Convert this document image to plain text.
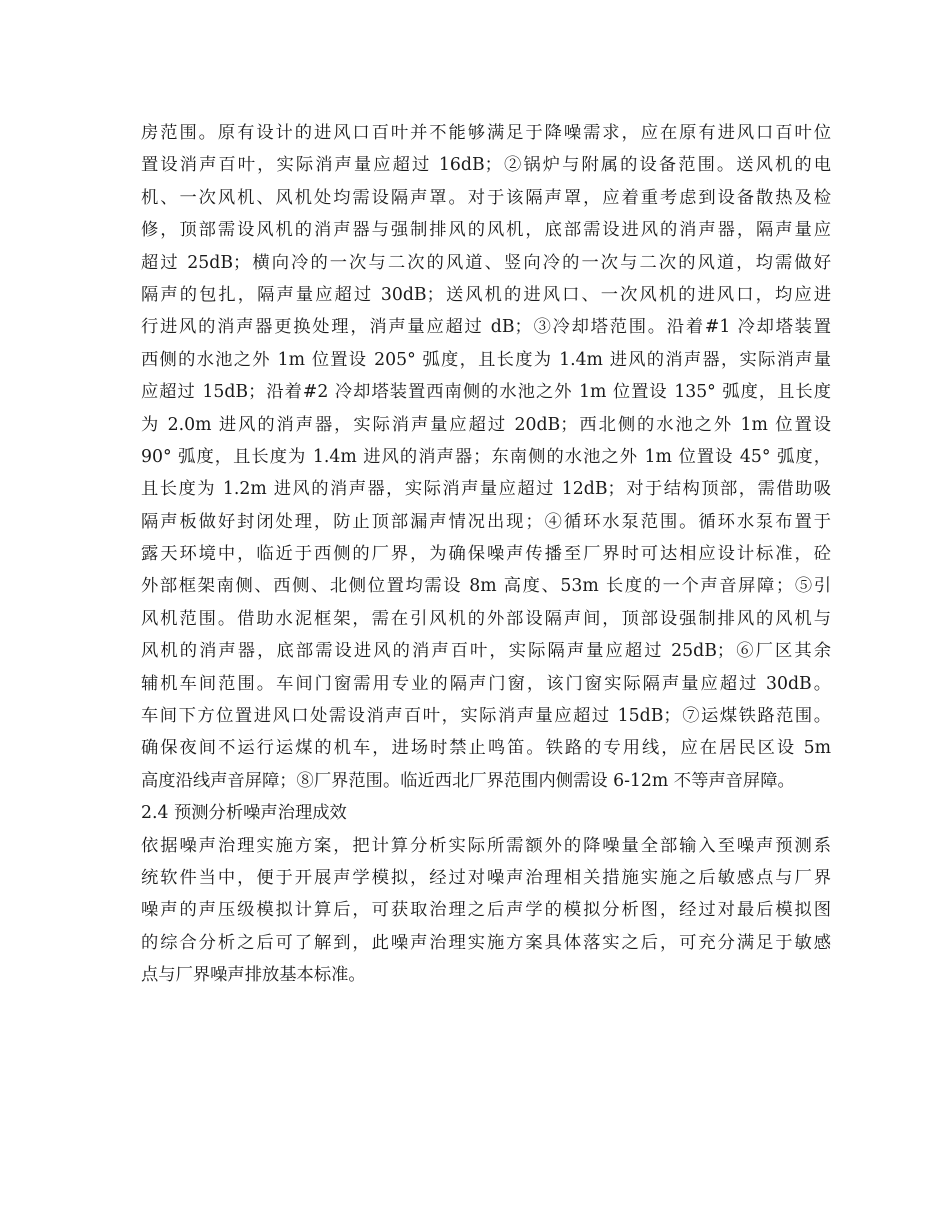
房范围。原有设计的进风口百叶并不能够满足于降噪需求，应在原有进风口百叶位
置设消声百叶，实际消声量应超过 16dB；②锅炉与附属的设备范围。送风机的电
机、一次风机、风机处均需设隔声罩。对于该隔声罩，应着重考虑到设备散热及检
修，顶部需设风机的消声器与强制排风的风机，底部需设进风的消声器，隔声量应
超过 25dB；横向冷的一次与二次的风道、竖向冷的一次与二次的风道，均需做好
隔声的包扎，隔声量应超过 30dB；送风机的进风口、一次风机的进风口，均应进
行进风的消声器更换处理，消声量应超过 dB；③冷却塔范围。沿着#1 冷却塔装置
西侧的水池之外 1m 位置设 205° 弧度，且长度为 1.4m 进风的消声器，实际消声量
应超过 15dB；沿着#2 冷却塔装置西南侧的水池之外 1m 位置设 135° 弧度，且长度
为 2.0m 进风的消声器，实际消声量应超过 20dB；西北侧的水池之外 1m 位置设
90° 弧度，且长度为 1.4m 进风的消声器；东南侧的水池之外 1m 位置设 45° 弧度，
且长度为 1.2m 进风的消声器，实际消声量应超过 12dB；对于结构顶部，需借助吸
隔声板做好封闭处理，防止顶部漏声情况出现；④循环水泵范围。循环水泵布置于
露天环境中，临近于西侧的厂界，为确保噪声传播至厂界时可达相应设计标准，砼
外部框架南侧、西侧、北侧位置均需设 8m 高度、53m 长度的一个声音屏障；⑤引
风机范围。借助水泥框架，需在引风机的外部设隔声间，顶部设强制排风的风机与
风机的消声器，底部需设进风的消声百叶，实际隔声量应超过 25dB；⑥厂区其余
辅机车间范围。车间门窗需用专业的隔声门窗，该门窗实际隔声量应超过 30dB。
车间下方位置进风口处需设消声百叶，实际消声量应超过 15dB；⑦运煤铁路范围。
确保夜间不运行运煤的机车，进场时禁止鸣笛。铁路的专用线，应在居民区设 5m
高度沿线声音屏障；⑧厂界范围。临近西北厂界范围内侧需设 6-12m 不等声音屏障。
2.4 预测分析噪声治理成效
依据噪声治理实施方案，把计算分析实际所需额外的降噪量全部输入至噪声预测系
统软件当中，便于开展声学模拟，经过对噪声治理相关措施实施之后敏感点与厂界
噪声的声压级模拟计算后，可获取治理之后声学的模拟分析图，经过对最后模拟图
的综合分析之后可了解到，此噪声治理实施方案具体落实之后，可充分满足于敏感
点与厂界噪声排放基本标准。
